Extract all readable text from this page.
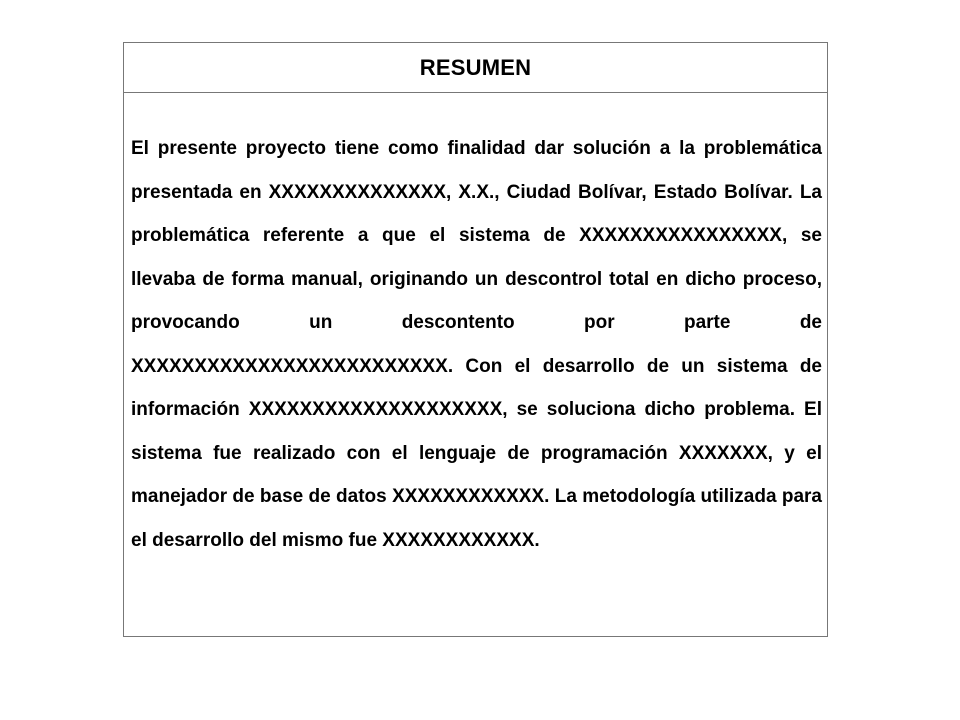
RESUMEN

El presente proyecto tiene como finalidad dar solución a la problemática presentada en XXXXXXXXXXXXXX, X.X., Ciudad Bolívar, Estado Bolívar. La problemática referente a que el sistema de XXXXXXXXXXXXXXXX, se llevaba de forma manual, originando un descontrol total en dicho proceso, provocando un descontento por parte de XXXXXXXXXXXXXXXXXXXXXXXXX. Con el desarrollo de un sistema de información XXXXXXXXXXXXXXXXXXXX, se soluciona dicho problema. El sistema fue realizado con el lenguaje de programación XXXXXXX, y el manejador de base de datos XXXXXXXXXXXX. La metodología utilizada para el desarrollo del mismo fue XXXXXXXXXXXX.
